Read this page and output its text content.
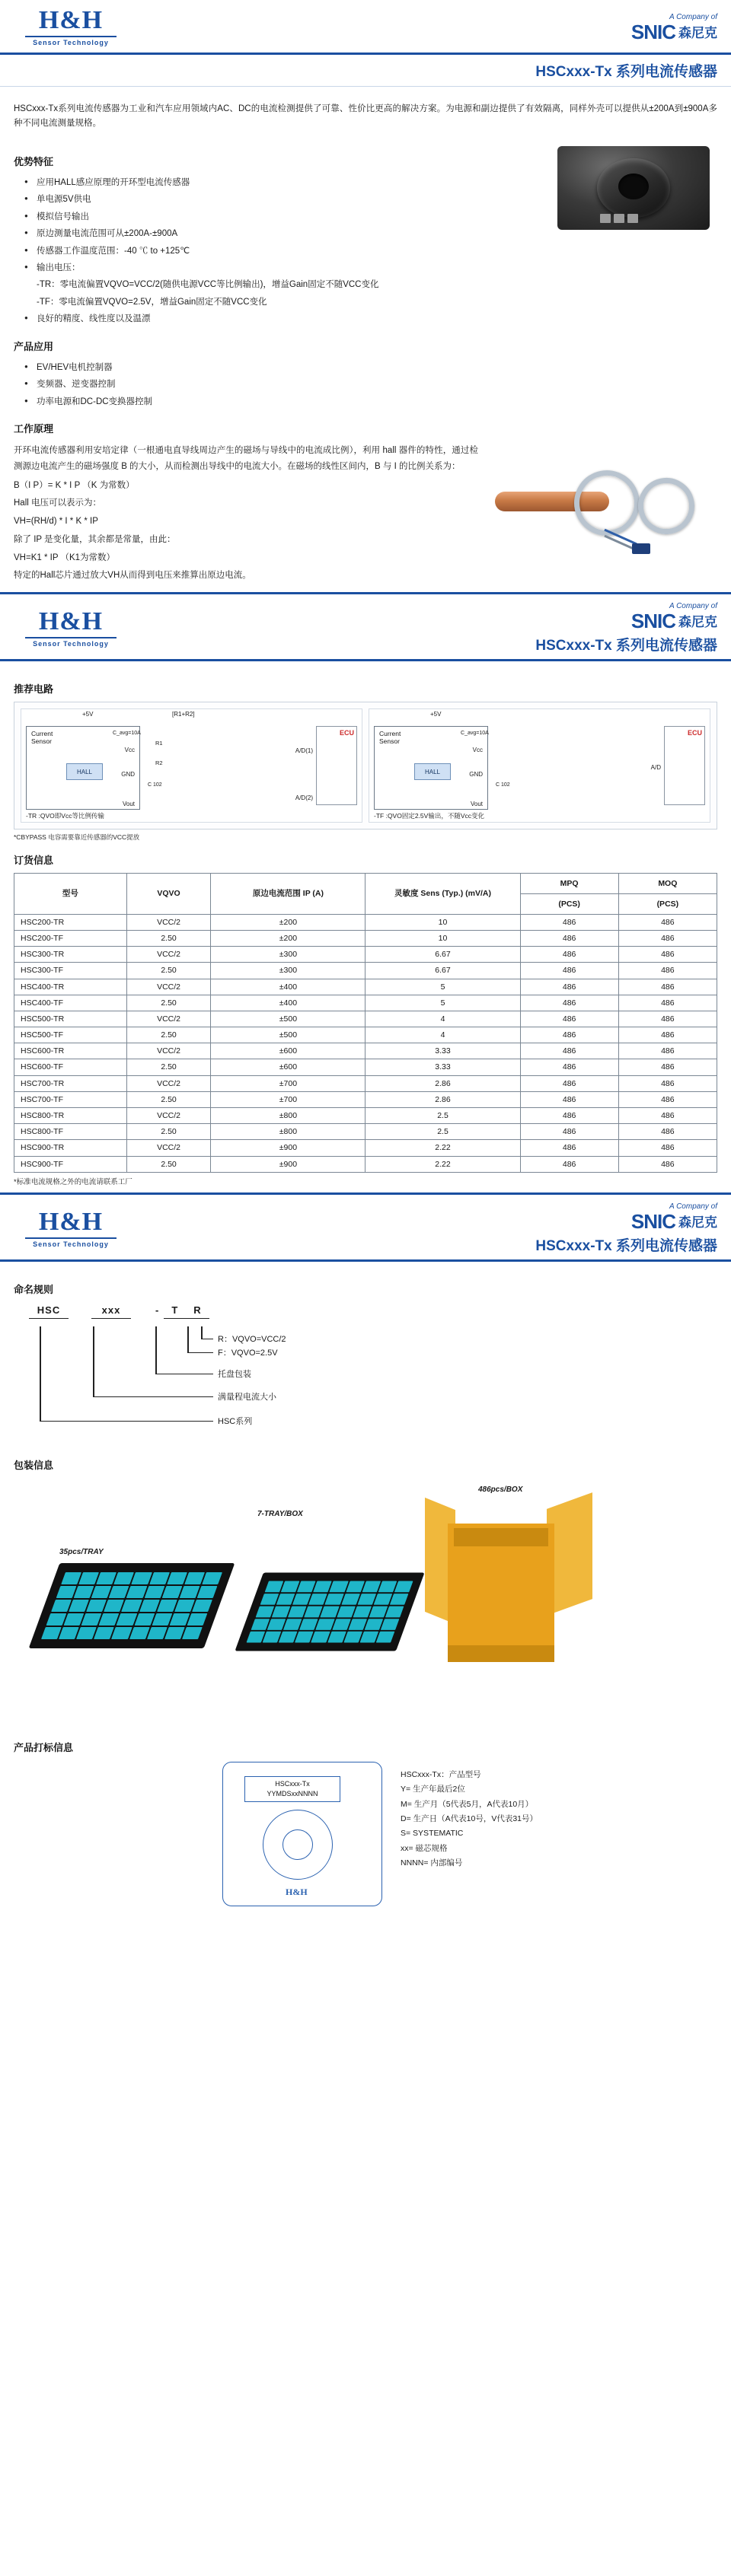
H&H
Sensor Technology
A Company of
SNIC 森尼克
HSCxxx-Tx 系列电流传感器
HSCxxx-Tx系列电流传感器为工业和汽车应用领域内AC、DC的电流检测提供了可靠、性价比更高的解决方案。为电源和副边提供了有效隔离，同样外壳可以提供从±200A到±900A多种不同电流测量规格。
优势特征
● 应用HALL感应原理的开环型电流传感器
● 单电源5V供电
● 模拟信号输出
● 原边测量电流范围可从±200A-±900A
● 传感器工作温度范围：-40 ℃ to +125℃
● 输出电压：
-TR：零电流偏置VQVO=VCC/2(随供电源VCC等比例输出)，增益Gain固定不随VCC变化
-TF：零电流偏置VQVO=2.5V，增益Gain固定不随VCC变化
● 良好的精度、线性度以及温漂
产品应用
● EV/HEV电机控制器
● 变频器、逆变器控制
● 功率电源和DC-DC变换器控制
工作原理
开环电流传感器利用安培定律（一根通电直导线周边产生的磁场与导线中的电流成比例），利用 hall 器件的特性，通过检测源边电流产生的磁场强度 B 的大小，从而检测出导线中的电流大小。在磁场的线性区间内，B 与 I 的比例关系为：
B（I P）= K * I P （K 为常数）
Hall 电压可以表示为：
VH=(RH/d) * I * K * IP
除了 IP 是变化量，其余都是常量，由此：
VH=K1 * IP （K1为常数）
特定的Hall芯片通过放大VH从而得到电压来推算出原边电流。
H&H
Sensor Technology
A Company of
SNIC 森尼克
HSCxxx-Tx 系列电流传感器
推荐电路
+5V	[R1+R2]
Current
Sensor
HALL
Vcc
GND
Vout
R1
R2
C 102
C_avg=10A	ECU
A/D(1)
A/D(2)
-TR :QVO即Vcc等比例传输
+5V
Current
Sensor
HALL
Vcc
GND
Vout
C 102
C_avg=10A	ECU
A/D
-TF :QVO固定2.5V输出，不随Vcc变化
*CBYPASS 电容需要靠近传感器的VCC提放
订货信息
型号	VQVO	原边电流范围 IP (A)	灵敏度 Sens (Typ.) (mV/A)	MPQ	MOQ
				(PCS)	(PCS)
HSC200-TR	VCC/2	±200	10	486	486
HSC200-TF	2.50	±200	10	486	486
HSC300-TR	VCC/2	±300	6.67	486	486
HSC300-TF	2.50	±300	6.67	486	486
HSC400-TR	VCC/2	±400	5	486	486
HSC400-TF	2.50	±400	5	486	486
HSC500-TR	VCC/2	±500	4	486	486
HSC500-TF	2.50	±500	4	486	486
HSC600-TR	VCC/2	±600	3.33	486	486
HSC600-TF	2.50	±600	3.33	486	486
HSC700-TR	VCC/2	±700	2.86	486	486
HSC700-TF	2.50	±700	2.86	486	486
HSC800-TR	VCC/2	±800	2.5	486	486
HSC800-TF	2.50	±800	2.5	486	486
HSC900-TR	VCC/2	±900	2.22	486	486
HSC900-TF	2.50	±900	2.22	486	486
*标准电流规格之外的电流请联系工厂
H&H
Sensor Technology
A Company of
SNIC 森尼克
HSCxxx-Tx 系列电流传感器
命名规则
HSC	xxx	-	T	R
R：VQVO=VCC/2
F：VQVO=2.5V
托盘包装
满量程电流大小
HSC系列
包装信息
35pcs/TRAY
7-TRAY/BOX
486pcs/BOX
产品打标信息
HSCxxx-Tx
YYMDSxxNNNN
H&H
HSCxxx-Tx：产品型号
Y= 生产年最后2位
M= 生产月（5代表5月，A代表10月）
D= 生产日（A代表10号，V代表31号）
S= SYSTEMATIC
xx= 磁芯规格
NNNN= 内部编号
